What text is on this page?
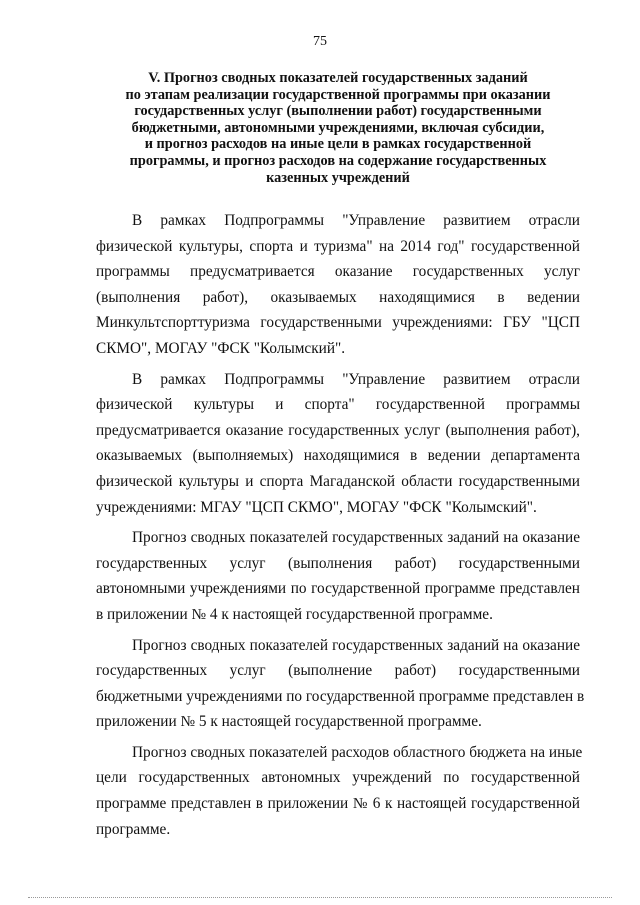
75
V. Прогноз сводных показателей государственных заданий
по этапам реализации государственной программы при оказании
государственных услуг (выполнении работ) государственными
бюджетными, автономными учреждениями, включая субсидии,
и прогноз расходов на иные цели в рамках государственной
программы, и прогноз расходов на содержание государственных
казенных учреждений
В рамках Подпрограммы "Управление развитием отрасли
физической культуры, спорта и туризма" на 2014 год" государственной
программы предусматривается оказание государственных услуг
(выполнения работ), оказываемых находящимися в ведении
Минкультспорттуризма государственными учреждениями: ГБУ "ЦСП
СКМО", МОГАУ "ФСК "Колымский".
В рамках Подпрограммы "Управление развитием отрасли
физической культуры и спорта" государственной программы
предусматривается оказание государственных услуг (выполнения работ),
оказываемых (выполняемых) находящимися в ведении департамента
физической культуры и спорта Магаданской области государственными
учреждениями: МГАУ "ЦСП СКМО", МОГАУ "ФСК "Колымский".
Прогноз сводных показателей государственных заданий на оказание
государственных услуг (выполнения работ) государственными
автономными учреждениями по государственной программе представлен
в приложении № 4 к настоящей государственной программе.
Прогноз сводных показателей государственных заданий на оказание
государственных услуг (выполнение работ) государственными
бюджетными учреждениями по государственной программе представлен в
приложении № 5 к настоящей государственной программе.
Прогноз сводных показателей расходов областного бюджета на иные
цели государственных автономных учреждений по государственной
программе представлен в приложении № 6 к настоящей государственной
программе.
